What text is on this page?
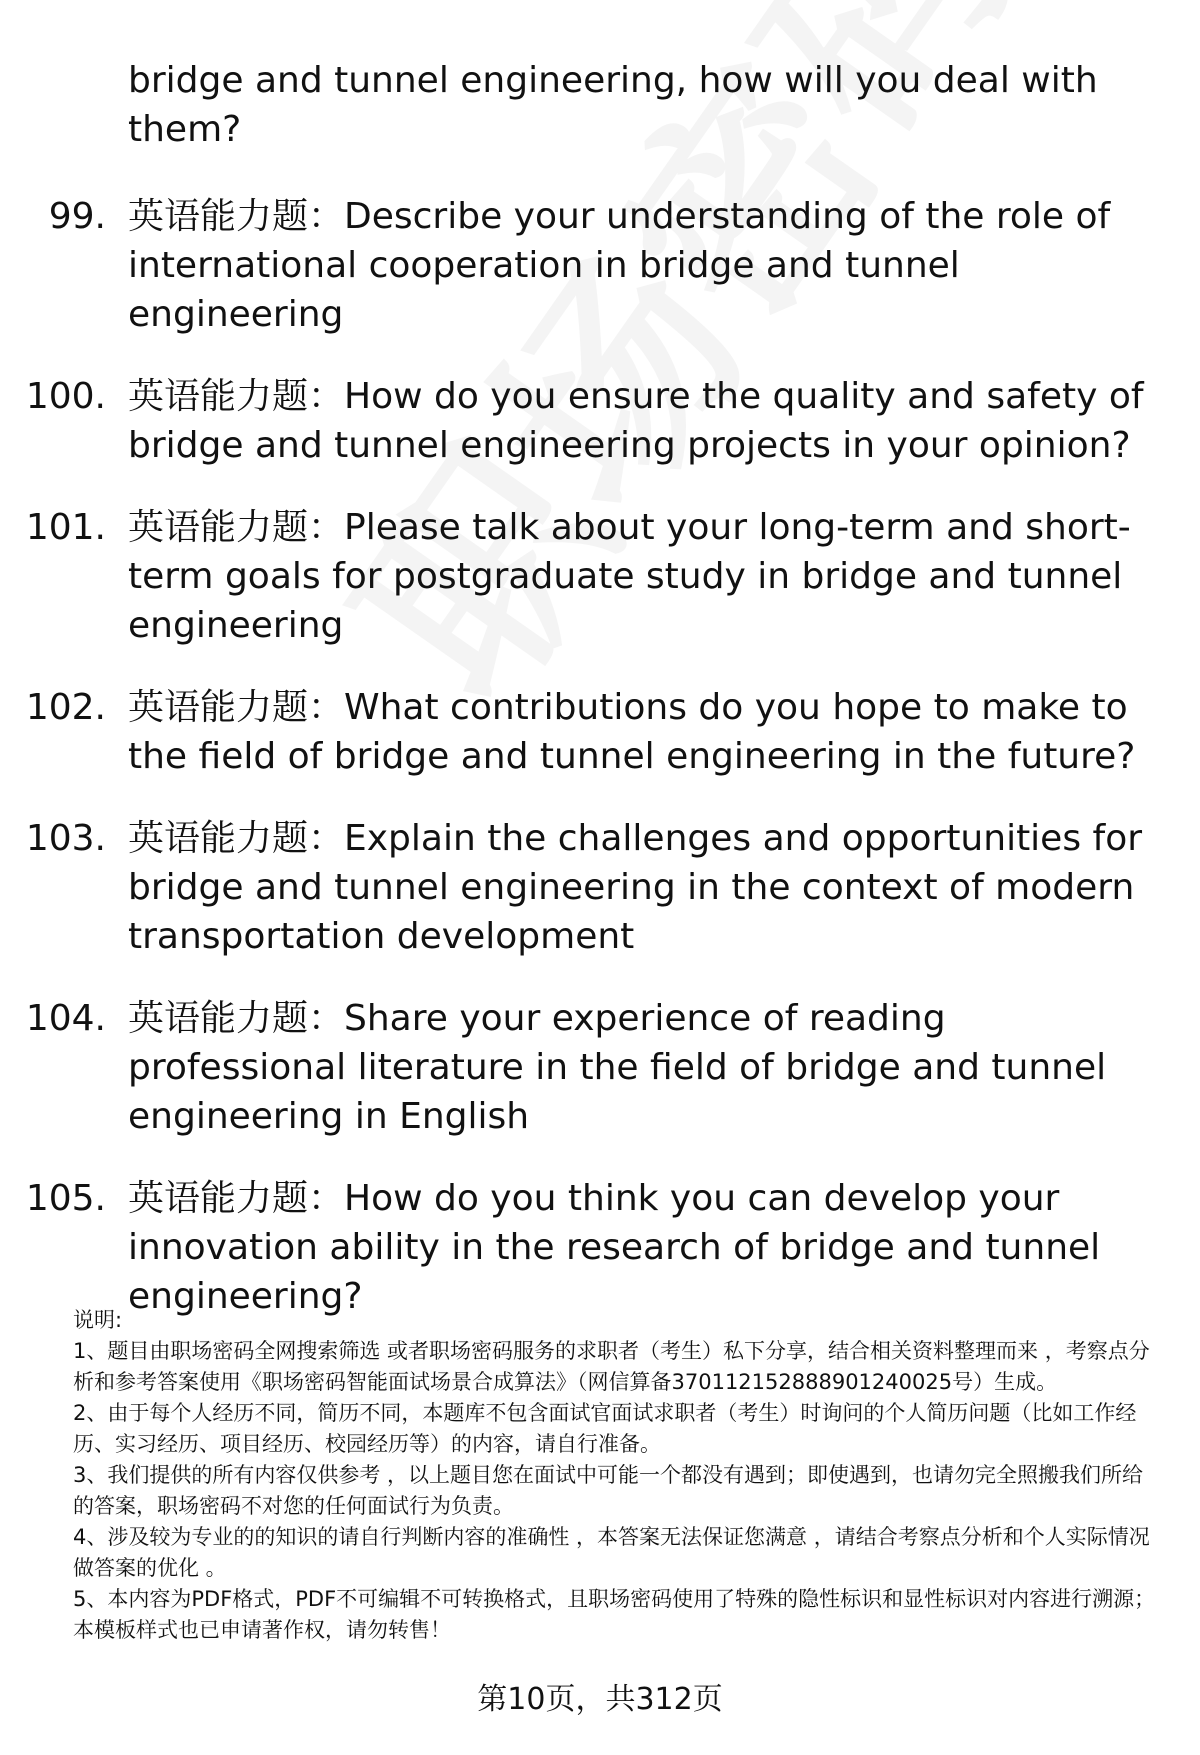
bridge and tunnel engineering, how will you deal with them?
99. 英语能力题：Describe your understanding of the role of international cooperation in bridge and tunnel engineering
100. 英语能力题：How do you ensure the quality and safety of bridge and tunnel engineering projects in your opinion?
101. 英语能力题：Please talk about your long-term and short-term goals for postgraduate study in bridge and tunnel engineering
102. 英语能力题：What contributions do you hope to make to the field of bridge and tunnel engineering in the future?
103. 英语能力题：Explain the challenges and opportunities for bridge and tunnel engineering in the context of modern transportation development
104. 英语能力题：Share your experience of reading professional literature in the field of bridge and tunnel engineering in English
105. 英语能力题：How do you think you can develop your innovation ability in the research of bridge and tunnel engineering?

说明:

1、题目由职场密码全网搜索筛选 或者职场密码服务的求职者（考生）私下分享，结合相关资料整理而来 ，考察点分析和参考答案使用《职场密码智能面试场景合成算法》（网信算备370112152888901240025号）生成。

2、由于每个人经历不同，简历不同，本题库不包含面试官面试求职者（考生）时询问的个人简历问题（比如工作经历、实习经历、项目经历、校园经历等）的内容，请自行准备。

3、我们提供的所有内容仅供参考 ，以上题目您在面试中可能一个都没有遇到；即使遇到，也请勿完全照搬我们所给的答案，职场密码不对您的任何面试行为负责。

4、涉及较为专业的的知识的请自行判断内容的准确性 ，本答案无法保证您满意 ，请结合考察点分析和个人实际情况做答案的优化 。

5、本内容为PDF格式，PDF不可编辑不可转换格式，且职场密码使用了特殊的隐性标识和显性标识对内容进行溯源；本模板样式也已申请著作权，请勿转售！

第10页，共312页
